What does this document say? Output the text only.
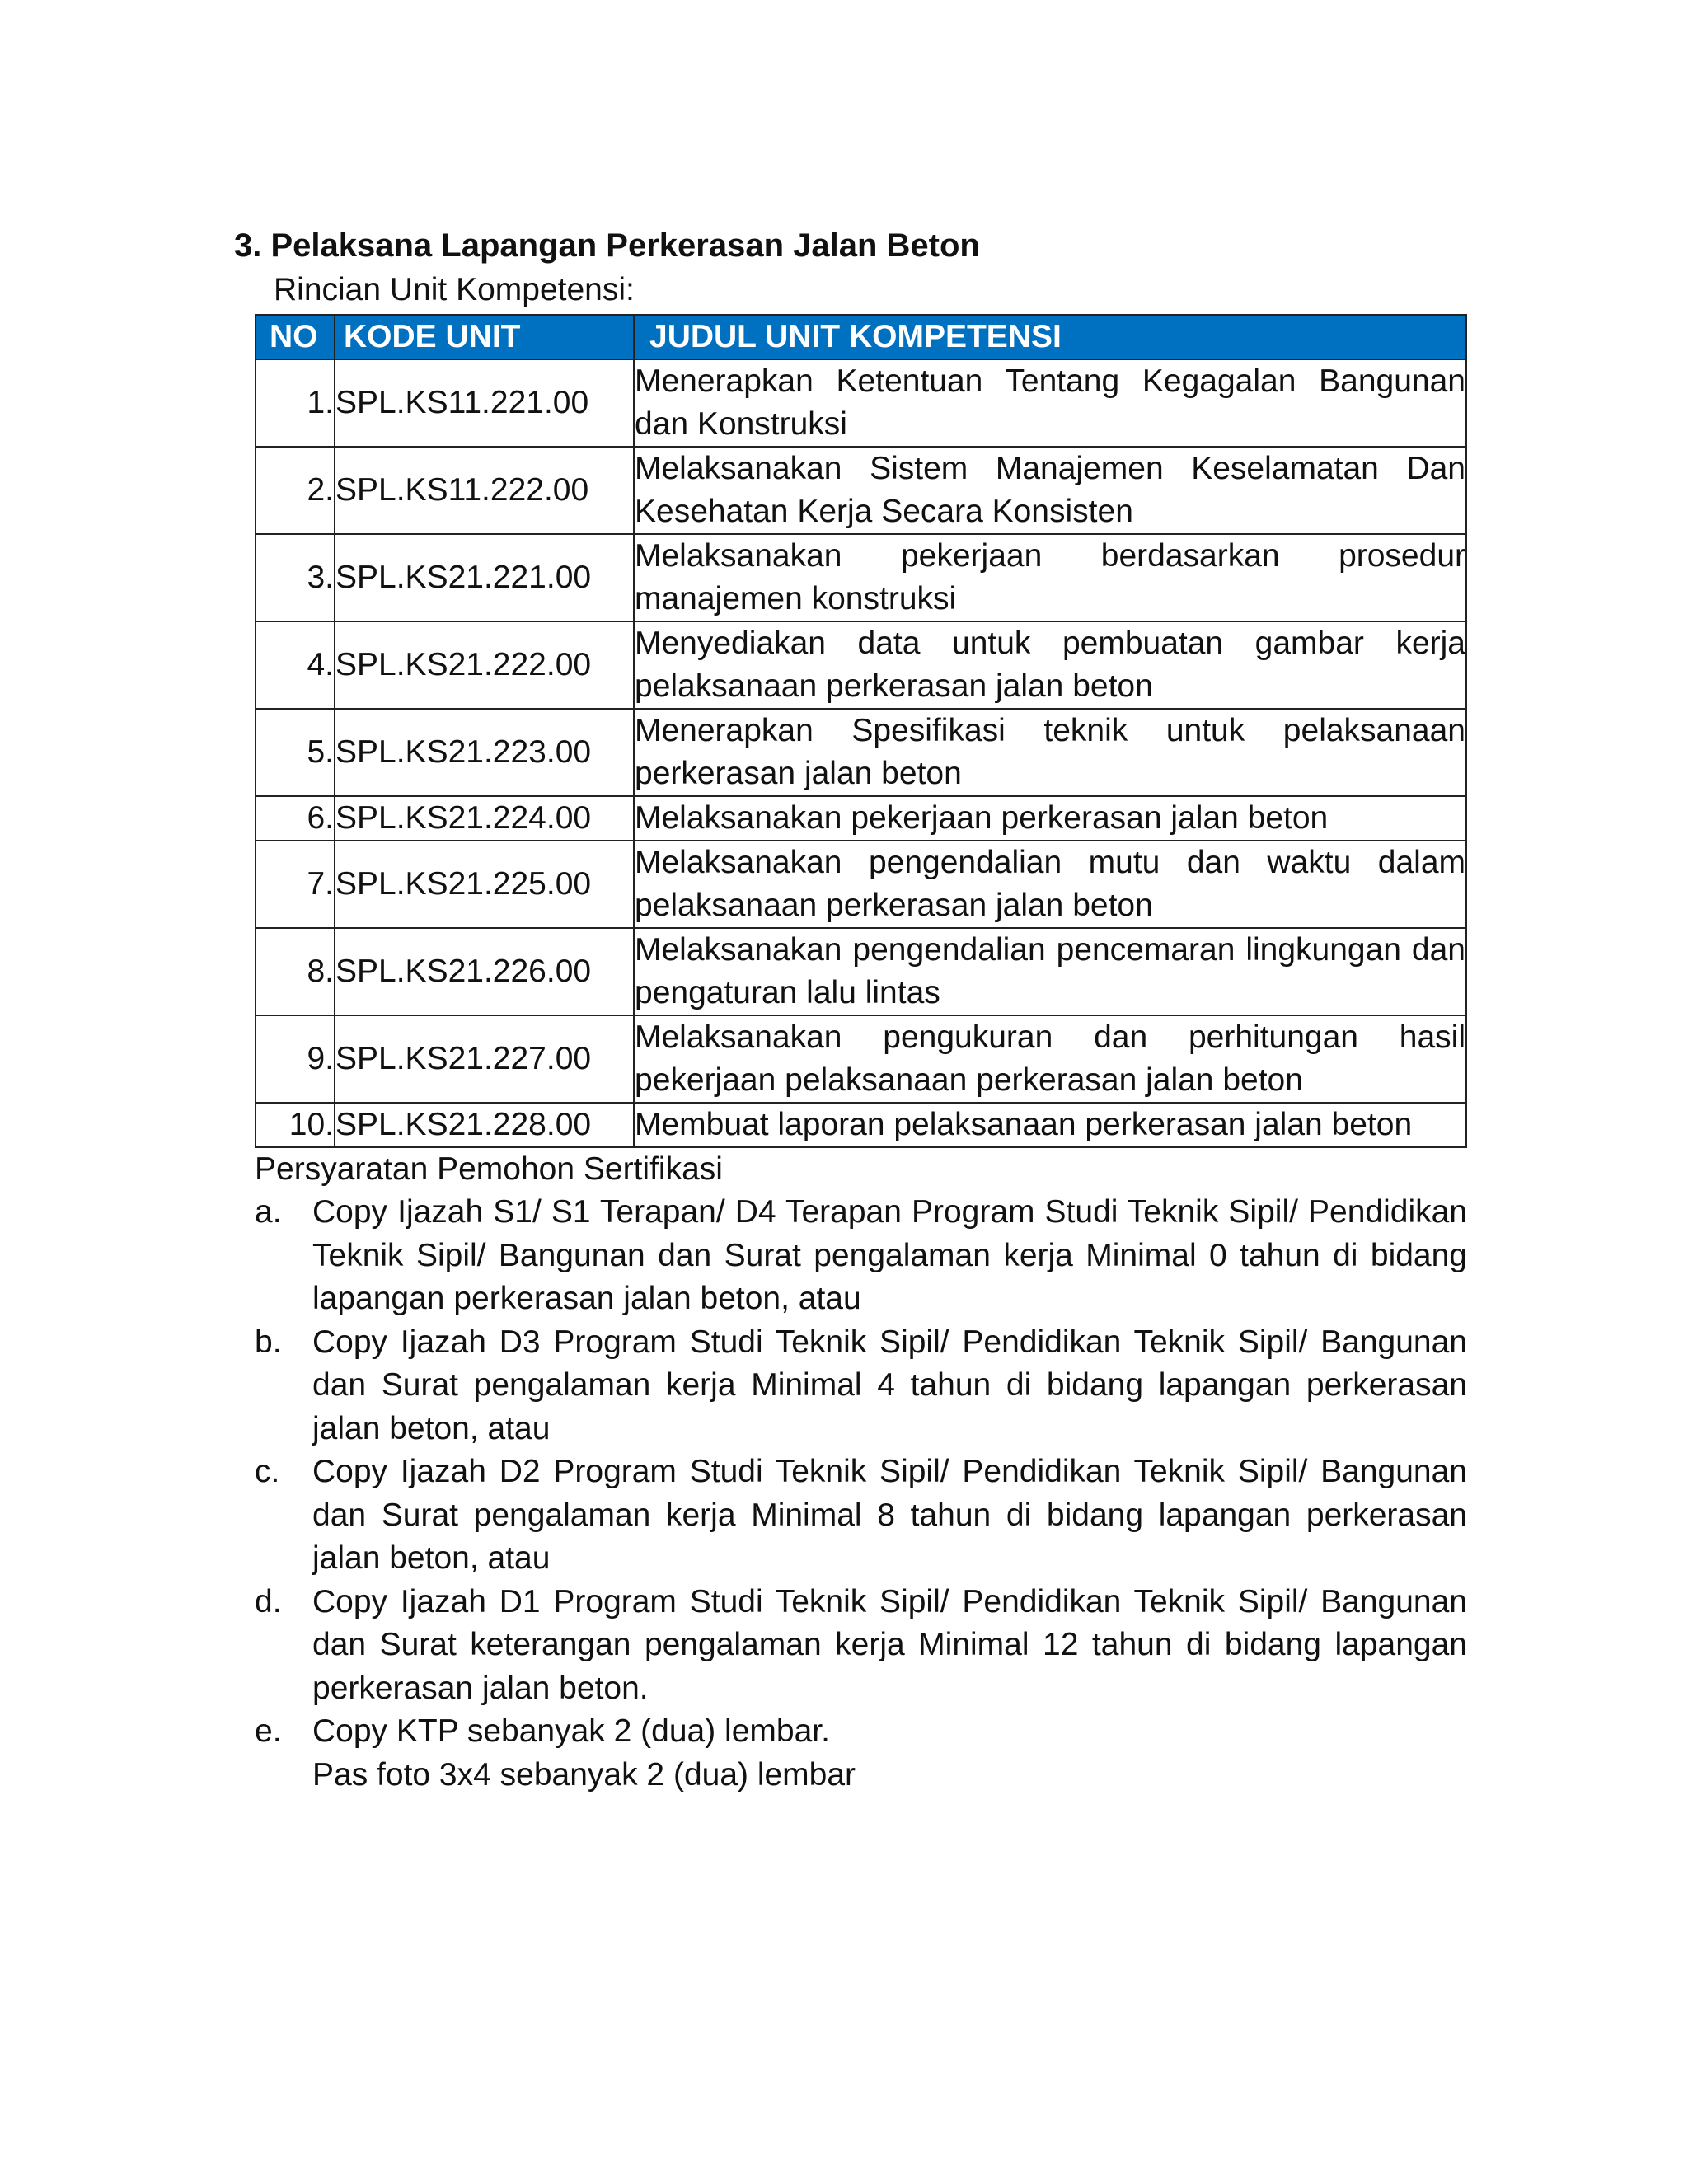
3. Pelaksana Lapangan Perkerasan Jalan Beton
Rincian Unit Kompetensi:
NO	KODE UNIT	JUDUL UNIT KOMPETENSI
1.	SPL.KS11.221.00	Menerapkan Ketentuan Tentang Kegagalan Bangunan dan Konstruksi
2.	SPL.KS11.222.00	Melaksanakan Sistem Manajemen Keselamatan Dan Kesehatan Kerja Secara Konsisten
3.	SPL.KS21.221.00	Melaksanakan pekerjaan berdasarkan prosedur manajemen konstruksi
4.	SPL.KS21.222.00	Menyediakan data untuk pembuatan gambar kerja pelaksanaan perkerasan jalan beton
5.	SPL.KS21.223.00	Menerapkan Spesifikasi teknik untuk pelaksanaan perkerasan jalan beton
6.	SPL.KS21.224.00	Melaksanakan pekerjaan perkerasan jalan beton
7.	SPL.KS21.225.00	Melaksanakan pengendalian mutu dan waktu dalam pelaksanaan perkerasan jalan beton
8.	SPL.KS21.226.00	Melaksanakan pengendalian pencemaran lingkungan dan pengaturan lalu lintas
9.	SPL.KS21.227.00	Melaksanakan pengukuran dan perhitungan hasil pekerjaan pelaksanaan perkerasan jalan beton
10.	SPL.KS21.228.00	Membuat laporan pelaksanaan perkerasan jalan beton
Persyaratan Pemohon Sertifikasi
a. Copy Ijazah S1/ S1 Terapan/ D4 Terapan Program Studi Teknik Sipil/ Pendidikan Teknik Sipil/ Bangunan dan Surat pengalaman kerja Minimal 0 tahun di bidang lapangan perkerasan jalan beton, atau
b. Copy Ijazah D3 Program Studi Teknik Sipil/ Pendidikan Teknik Sipil/ Bangunan dan Surat pengalaman kerja Minimal 4 tahun di bidang lapangan perkerasan jalan beton, atau
c. Copy Ijazah D2 Program Studi Teknik Sipil/ Pendidikan Teknik Sipil/ Bangunan dan Surat pengalaman kerja Minimal 8 tahun di bidang lapangan perkerasan jalan beton, atau
d. Copy Ijazah D1 Program Studi Teknik Sipil/ Pendidikan Teknik Sipil/ Bangunan dan Surat keterangan pengalaman kerja Minimal 12 tahun di bidang lapangan perkerasan jalan beton.
e. Copy KTP sebanyak 2 (dua) lembar.
Pas foto 3x4 sebanyak 2 (dua) lembar
